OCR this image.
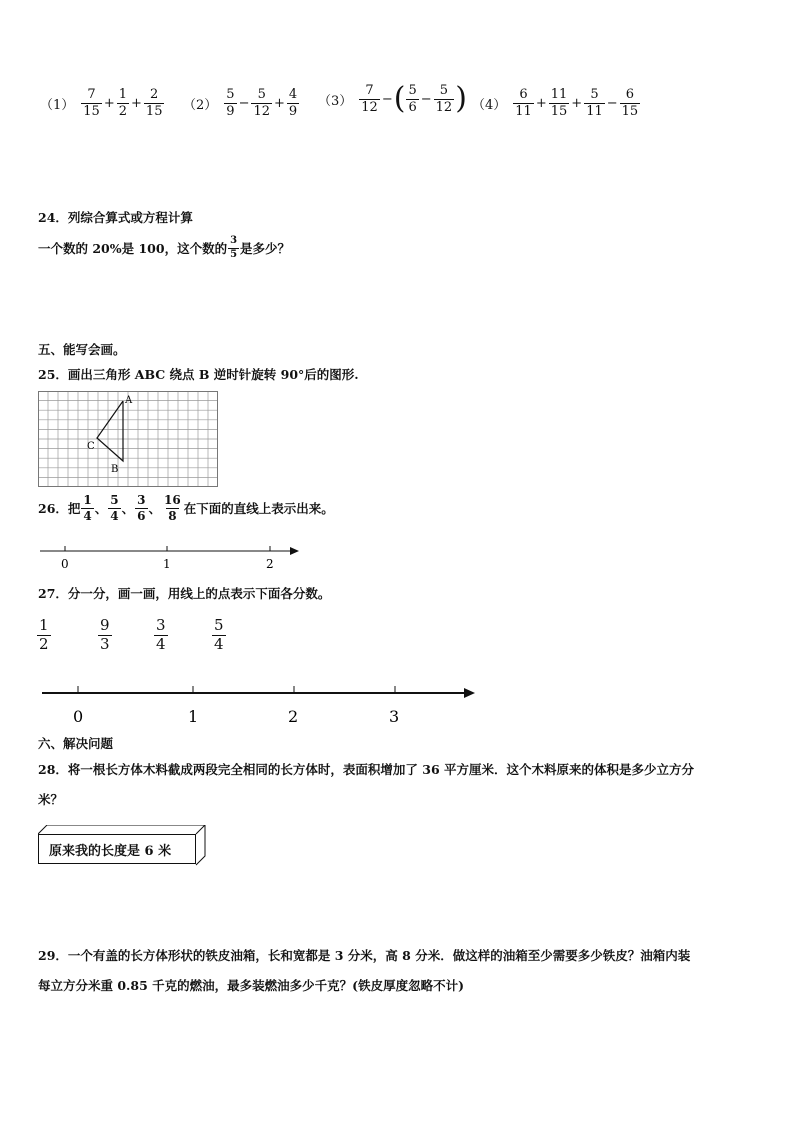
$(1) \frac{7}{15} + \frac{1}{2} + \frac{2}{15} (2) \frac{5}{9} - \frac{5}{12} + \frac{4}{9} (3) \frac{7}{12}$ − ( $\frac{5}{6} - \frac{5}{12}$ ) $(4) \frac{6}{11} + \frac{11}{15} + \frac{5}{11} - \frac{6}{15}$
24．列综合算式或方程计算
一个数的 20%是 100，这个数的 $\frac{3}{5}$ 是多少？
五、能写会画。
25．画出三角形 ABC 绕点 B 逆时针旋转 90°后的图形.
A
B
C
26．把 $\frac{1}{4}$ 、 $\frac{5}{4}$ 、 $\frac{3}{6}$ 、 $\frac{16}{8}$ 在下面的直线上表示出来。
0	1	2
27．分一分，画一画，用线上的点表示下面各分数。
$\frac{1}{2}$	$\frac{9}{3}$	$\frac{3}{4}$	$\frac{5}{4}$
0	1	2	3
六、解决问题
28．将一根长方体木料截成两段完全相同的长方体时，表面积增加了 36 平方厘米．这个木料原来的体积是多少立方分
米？
原来我的长度是 6 米
29．一个有盖的长方体形状的铁皮油箱，长和宽都是 3 分米，高 8 分米．做这样的油箱至少需要多少铁皮？油箱内装
每立方分米重 0.85 千克的燃油，最多装燃油多少千克？(铁皮厚度忽略不计)
